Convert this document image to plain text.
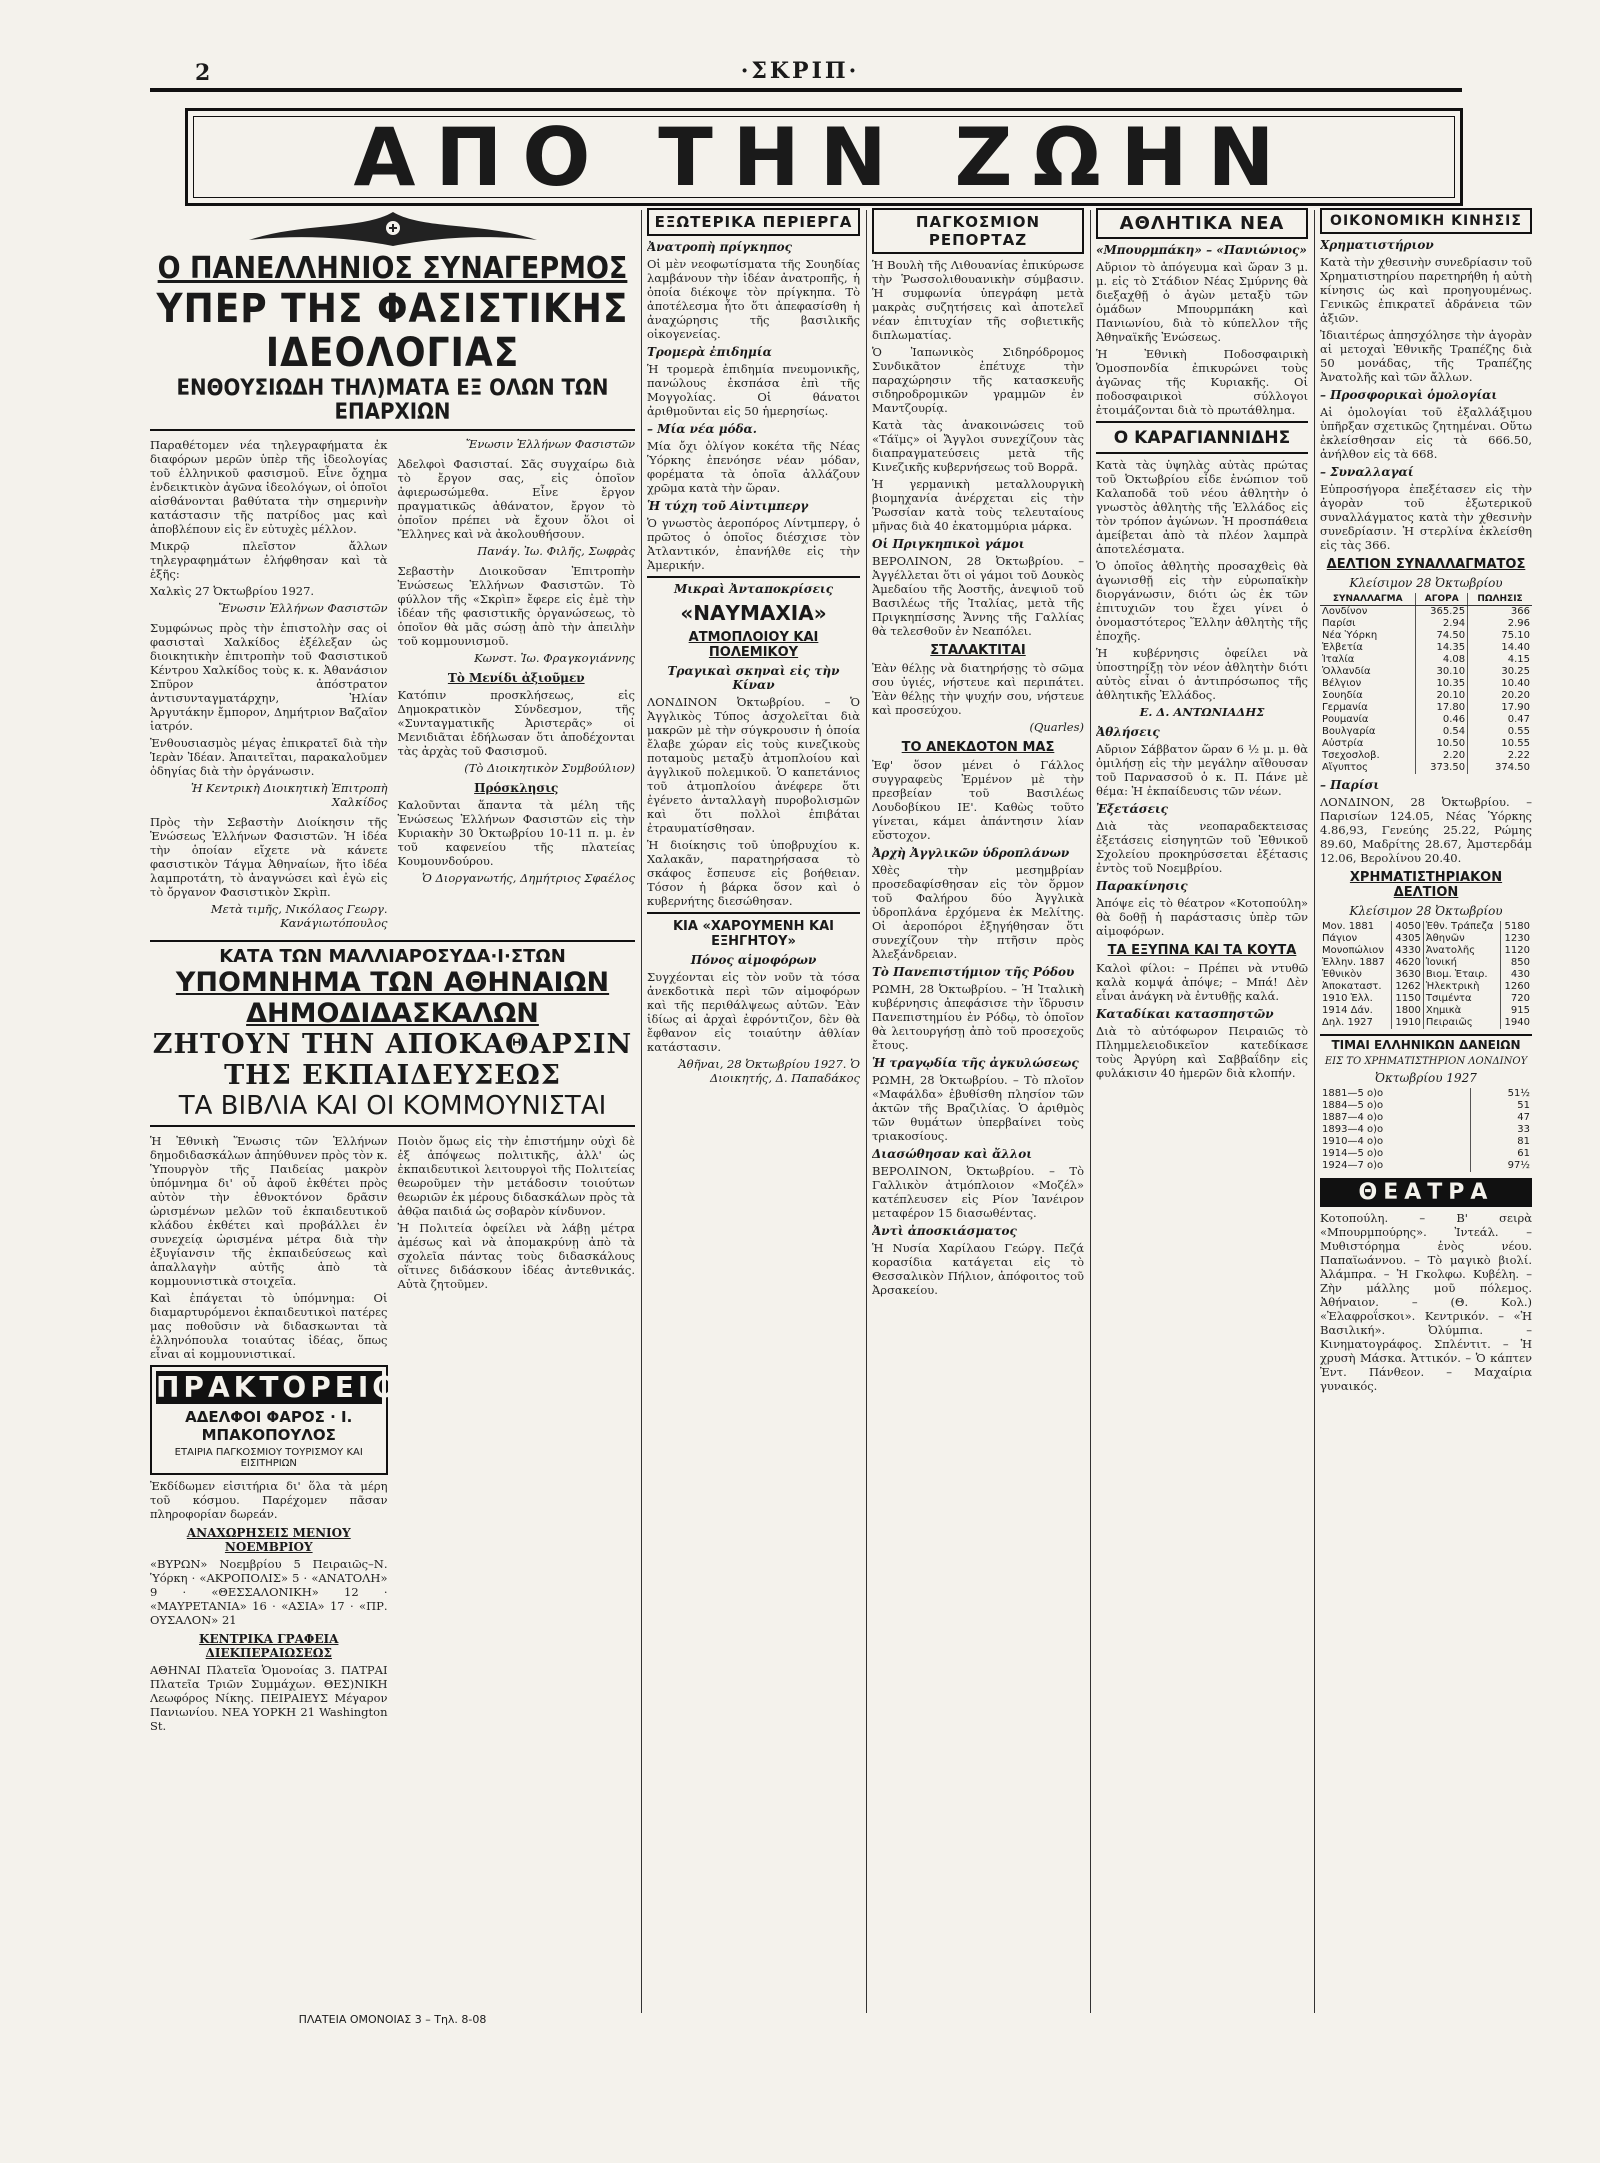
2	·ΣΚΡΙΠ·
ΑΠΟ ΤΗΝ ΖΩΗΝ
Ο ΠΑΝΕΛΛΗΝΙΟΣ ΣΥΝΑΓΕΡΜΟΣ
ΥΠΕΡ ΤΗΣ ΦΑΣΙΣΤΙΚΗΣ ΙΔΕΟΛΟΓΙΑΣ
ΕΝΘΟΥΣΙΩΔΗ ΤΗΛ)ΜΑΤΑ ΕΞ ΟΛΩΝ ΤΩΝ ΕΠΑΡΧΙΩΝ

Παραθέτομεν νέα τηλεγραφήματα ἐκ διαφόρων μερῶν ὑπὲρ τῆς ἰδεολογίας τοῦ ἑλληνικοῦ φασισμοῦ. Εἶνε ὄχημα ἐνδεικτικὸν ἀγῶνα ἰδεολόγων, οἱ ὁποῖοι αἰσθάνονται βαθύτατα τὴν σημερινὴν κατάστασιν τῆς πατρίδος μας καὶ ἀποβλέπουν εἰς ἓν εὐτυχὲς μέλλον.

Μικρῷ πλεῖστον ἄλλων τηλεγραφημάτων ἐλήφθησαν καὶ τὰ ἑξῆς:

Χαλκὶς 27 Ὀκτωβρίου 1927.

Ἔνωσιν Ἑλλήνων Φασιστῶν

Συμφώνως πρὸς τὴν ἐπιστολὴν σας οἱ φασισταὶ Χαλκίδος ἐξέλεξαν ὡς διοικητικὴν ἐπιτροπὴν τοῦ Φασιστικοῦ Κέντρου Χαλκίδος τοὺς κ. κ. Ἀθανάσιον Σπῦρον ἀπόστρατον ἀντισυνταγματάρχην, Ἠλίαν Ἀργυτάκην ἔμπορον, Δημήτριον Βαζαῖον ἰατρόν.

Ἐνθουσιασμὸς μέγας ἐπικρατεῖ διὰ τὴν Ἱερὰν Ἰδέαν. Ἀπαιτεῖται, παρακαλοῦμεν ὁδηγίας διὰ τὴν ὀργάνωσιν.

Ἡ Κεντρικὴ Διοικητικὴ Ἐπιτροπὴ Χαλκίδος

Πρὸς τὴν Σεβαστὴν Διοίκησιν τῆς Ἑνώσεως Ἑλλήνων Φασιστῶν. Ἡ ἰδέα τὴν ὁποίαν εἴχετε νὰ κάνετε φασιστικὸν Τάγμα Ἀθηναίων, ἥτο ἰδέα λαμπροτάτη, τὸ ἀναγνώσει καὶ ἐγὼ εἰς τὸ ὄργανον Φασιστικὸν Σκρὶπ.

Μετὰ τιμῆς, Νικόλαος Γεωργ. Κανάγιωτόπουλος

Ἔνωσιν Ἑλλήνων Φασιστῶν

Ἀδελφοὶ Φασισταί. Σᾶς συγχαίρω διὰ τὸ ἔργον σας, εἰς ὁποῖον ἀφιερωσώμεθα. Εἶνε ἔργον πραγματικῶς ἀθάνατον, ἔργον τὸ ὁποῖον πρέπει νὰ ἔχουν ὅλοι οἱ Ἕλληνες καὶ νὰ ἀκολουθήσουν.

Πανάγ. Ἰω. Φιλῆς, Σωφρὰς

Σεβαστὴν Διοικοῦσαν Ἐπιτροπὴν Ἑνώσεως Ἑλλήνων Φασιστῶν. Τὸ φύλλον τῆς «Σκρὶπ» ἔφερε εἰς ἐμὲ τὴν ἰδέαν τῆς φασιστικῆς ὀργανώσεως, τὸ ὁποῖον θὰ μᾶς σώσῃ ἀπὸ τὴν ἀπειλὴν τοῦ κομμουνισμοῦ.

Κωνστ. Ἰω. Φραγκογιάννης

Τὸ Μενίδι ἀξιοῦμεν

Κατόπιν προσκλήσεως, εἰς Δημοκρατικὸν Σύνδεσμον, τῆς «Συνταγματικῆς Ἀριστερᾶς» οἱ Μενιδιᾶται ἐδήλωσαν ὅτι ἀποδέχονται τὰς ἀρχὰς τοῦ Φασισμοῦ.

(Τὸ Διοικητικὸν Συμβούλιον)

Πρόσκλησις

Καλοῦνται ἅπαντα τὰ μέλη τῆς Ἑνώσεως Ἑλλήνων Φασιστῶν εἰς τὴν Κυριακὴν 30 Ὀκτωβρίου 10-11 π. μ. ἐν τοῦ καφενείου τῆς πλατείας Κουμουνδούρου.

Ὁ Διοργανωτής, Δημήτριος Σφαέλος

ΚΑΤΑ ΤΩΝ ΜΑΛΛΙΑΡΟΣΥΔΑ·Ι·ΣΤΩΝ
ΥΠΟΜΝΗΜΑ ΤΩΝ ΑΘΗΝΑΙΩΝ ΔΗΜΟΔΙΔΑΣΚΑΛΩΝ
ΖΗΤΟΥΝ ΤΗΝ ΑΠΟΚΑΘΑΡΣΙΝ ΤΗΣ ΕΚΠΑΙΔΕΥΣΕΩΣ
ΤΑ ΒΙΒΛΙΑ ΚΑΙ ΟΙ ΚΟΜΜΟΥΝΙΣΤΑΙ

Ἡ Ἐθνικὴ Ἕνωσις τῶν Ἑλλήνων δημοδιδασκάλων ἀπηύθυνεν πρὸς τὸν κ. Ὑπουργὸν τῆς Παιδείας μακρὸν ὑπόμνημα δι' οὗ ἀφοῦ ἐκθέτει πρὸς αὐτὸν τὴν ἐθνοκτόνον δρᾶσιν ὡρισμένων μελῶν τοῦ ἐκπαιδευτικοῦ κλάδου ἐκθέτει καὶ προβάλλει ἐν συνεχείᾳ ὡρισμένα μέτρα διὰ τὴν ἐξυγίανσιν τῆς ἐκπαιδεύσεως καὶ ἀπαλλαγὴν αὐτῆς ἀπὸ τὰ κομμουνιστικὰ στοιχεῖα.

Καὶ ἐπάγεται τὸ ὑπόμνημα: Οἱ διαμαρτυρόμενοι ἐκπαιδευτικοὶ πατέρες μας ποθοῦσιν νὰ διδασκωνται τὰ ἑλληνόπουλα τοιαύτας ἰδέας, ὅπως εἶναι αἱ κομμουνιστικαί.

ΠΡΑΚΤΟΡΕΙΟΝ
ΑΔΕΛΦΟΙ ΦΑΡΟΣ · Ι. ΜΠΑΚΟΠΟΥΛΟΣ
ΕΤΑΙΡΙΑ ΠΑΓΚΟΣΜΙΟΥ ΤΟΥΡΙΣΜΟΥ ΚΑΙ ΕΙΣΙΤΗΡΙΩΝ

Ἐκδίδωμεν εἰσιτήρια δι' ὅλα τὰ μέρη τοῦ κόσμου. Παρέχομεν πᾶσαν πληροφορίαν δωρεάν.

ΑΝΑΧΩΡΗΣΕΙΣ ΜΕΝΙΟΥ ΝΟΕΜΒΡΙΟΥ

«ΒΥΡΩΝ» Νοεμβρίου 5 Πειραιῶς–Ν. Ὑόρκη · «ΑΚΡΟΠΟΛΙΣ» 5 · «ΑΝΑΤΟΛΗ» 9 · «ΘΕΣΣΑΛΟΝΙΚΗ» 12 · «ΜΑΥΡΕΤΑΝΙΑ» 16 · «ΑΣΙΑ» 17 · «ΠΡ. ΟΥΣΑΛΟΝ» 21

ΚΕΝΤΡΙΚΑ ΓΡΑΦΕΙΑ ΔΙΕΚΠΕΡΑΙΩΣΕΩΣ

ΑΘΗΝΑΙ Πλατεῖα Ὁμονοίας 3. ΠΑΤΡΑΙ Πλατεῖα Τριῶν Συμμάχων. ΘΕΣ)ΝΙΚΗ Λεωφόρος Νίκης. ΠΕΙΡΑΙΕΥΣ Μέγαρον Πανιωνίου. ΝΕΑ ΥΟΡΚΗ 21 Washington St.

Ποιὸν ὅμως εἰς τὴν ἐπιστήμην οὐχὶ δὲ ἐξ ἀπόψεως πολιτικῆς, ἀλλ' ὡς ἐκπαιδευτικοὶ λειτουργοὶ τῆς Πολιτείας θεωροῦμεν τὴν μετάδοσιν τοιούτων θεωριῶν ἐκ μέρους διδασκάλων πρὸς τὰ ἀθῷα παιδιά ὡς σοβαρὸν κίνδυνον.

Ἡ Πολιτεία ὀφείλει νὰ λάβῃ μέτρα ἀμέσως καὶ νὰ ἀπομακρύνῃ ἀπὸ τὰ σχολεῖα πάντας τοὺς διδασκάλους οἵτινες διδάσκουν ἰδέας ἀντεθνικάς. Αὐτὰ ζητοῦμεν.

ΕΞΩΤΕΡΙΚΑ ΠΕΡΙΕΡΓΑ
Ἀνατροπὴ πρίγκηπος

Οἱ μὲν νεοφωτίσματα τῆς Σουηδίας λαμβάνουν τὴν ἰδέαν ἀνατροπῆς, ἡ ὁποία διέκοψε τὸν πρίγκηπα. Τὸ ἀποτέλεσμα ἦτο ὅτι ἀπεφασίσθη ἡ ἀναχώρησις τῆς βασιλικῆς οἰκογενείας.

Τρομερὰ ἐπιδημία

Ἡ τρομερὰ ἐπιδημία πνευμονικῆς, πανώλους ἐκσπάσα ἐπὶ τῆς Μογγολίας. Οἱ θάνατοι ἀριθμοῦνται εἰς 50 ἡμερησίως.

– Μία νέα μόδα.

Μία ὄχι ὀλίγον κοκέτα τῆς Νέας Ὑόρκης ἐπενόησε νέαν μόδαν, φορέματα τὰ ὁποῖα ἀλλάζουν χρῶμα κατὰ τὴν ὥραν.

Ἡ τύχη τοῦ Αἰντιμπεργ

Ὁ γνωστὸς ἀεροπόρος Λίντμπεργ, ὁ πρῶτος ὁ ὁποῖος διέσχισε τὸν Ἀτλαντικόν, ἐπανήλθε εἰς τὴν Ἀμερικήν.

Μικραὶ Ἀνταποκρίσεις
«ΝΑΥΜΑΧΙΑ»
ΑΤΜΟΠΛΟΙΟΥ ΚΑΙ ΠΟΛΕΜΙΚΟΥ
Τραγικαὶ σκηναὶ εἰς τὴν Κίναν

ΛΟΝΔΙΝΟΝ Ὀκτωβρίου. – Ὁ Ἀγγλικὸς Τύπος ἀσχολεῖται διὰ μακρῶν μὲ τὴν σύγκρουσιν ἡ ὁποία ἔλαβε χώραν εἰς τοὺς κινεζικοὺς ποταμοὺς μεταξὺ ἀτμοπλοίου καὶ ἀγγλικοῦ πολεμικοῦ. Ὁ καπετάνιος τοῦ ἀτμοπλοίου ἀνέφερε ὅτι ἐγένετο ἀνταλλαγὴ πυροβολισμῶν καὶ ὅτι πολλοὶ ἐπιβάται ἐτραυματίσθησαν.

Ἡ διοίκησις τοῦ ὑποβρυχίου κ. Χαλακᾶν, παρατηρήσασα τὸ σκάφος ἔσπευσε εἰς βοήθειαν. Τόσον ἡ βάρκα ὅσον καὶ ὁ κυβερνήτης διεσώθησαν.

ΚΙΑ «ΧΑΡΟΥΜΕΝΗ ΚΑΙ ΕΞΗΓΗΤΟΥ»
Πόνος αἱμοφόρων

Συγχέονται εἰς τὸν νοῦν τὰ τόσα ἀνεκδοτικὰ περὶ τῶν αἱμοφόρων καὶ τῆς περιθάλψεως αὐτῶν. Ἐὰν ἰδίως αἱ ἀρχαὶ ἐφρόντιζον, δὲν θὰ ἔφθανον εἰς τοιαύτην ἀθλίαν κατάστασιν.

Ἀθῆναι, 28 Ὀκτωβρίου 1927. Ὁ Διοικητής, Δ. Παπαδάκος

ΠΑΓΚΟΣΜΙΟΝ ΡΕΠΟΡΤΑΖ

Ἡ Βουλὴ τῆς Λιθουανίας ἐπικύρωσε τὴν Ῥωσσολιθουανικὴν σύμβασιν. Ἡ συμφωνία ὑπεγράφη μετὰ μακρὰς συζητήσεις καὶ ἀποτελεῖ νέαν ἐπιτυχίαν τῆς σοβιετικῆς διπλωματίας.

Ὁ Ἰαπωνικὸς Σιδηρόδρομος Συνδικᾶτον ἐπέτυχε τὴν παραχώρησιν τῆς κατασκευῆς σιδηροδρομικῶν γραμμῶν ἐν Μαντζουρίᾳ.

Κατὰ τὰς ἀνακοινώσεις τοῦ «Τάϊμς» οἱ Ἄγγλοι συνεχίζουν τὰς διαπραγματεύσεις μετὰ τῆς Κινεζικῆς κυβερνήσεως τοῦ Βορρᾶ.

Ἡ γερμανικὴ μεταλλουργικὴ βιομηχανία ἀνέρχεται εἰς τὴν Ῥωσσίαν κατὰ τοὺς τελευταίους μῆνας διὰ 40 ἑκατομμύρια μάρκα.

Οἱ Πριγκηπικοὶ γάμοι

ΒΕΡΟΛΙΝΟΝ, 28 Ὀκτωβρίου. – Ἀγγέλλεται ὅτι οἱ γάμοι τοῦ Δουκὸς Ἀμεδαίου τῆς Ἀοστῆς, ἀνεψιοῦ τοῦ Βασιλέως τῆς Ἰταλίας, μετὰ τῆς Πριγκηπίσσης Ἄννης τῆς Γαλλίας θὰ τελεσθοῦν ἐν Νεαπόλει.

ΣΤΑΛΑΚΤΙΤΑΙ

Ἐὰν θέλῃς νὰ διατηρήσῃς τὸ σῶμα σου ὑγιές, νήστευε καὶ περιπάτει. Ἐὰν θέλῃς τὴν ψυχήν σου, νήστευε καὶ προσεύχου.

(Quarles)

ΤΟ ΑΝΕΚΔΟΤΟΝ ΜΑΣ

Ἐφ' ὅσον μένει ὁ Γάλλος συγγραφεὺς Ἑρμένον μὲ τὴν πρεσβείαν τοῦ Βασιλέως Λουδοβίκου ΙΕ'. Καθὼς τοῦτο γίνεται, κάμει ἀπάντησιν λίαν εὔστοχον.

Ἀρχὴ Ἀγγλικῶν ὑδροπλάνων

Χθὲς τὴν μεσημβρίαν προσεδαφίσθησαν εἰς τὸν ὅρμον τοῦ Φαλήρου δύο Ἀγγλικὰ ὑδροπλάνα ἐρχόμενα ἐκ Μελίτης. Οἱ ἀεροπόροι ἐξηγήθησαν ὅτι συνεχίζουν τὴν πτῆσιν πρὸς Ἀλεξάνδρειαν.

Τὸ Πανεπιστήμιον τῆς Ρόδου

ΡΩΜΗ, 28 Ὀκτωβρίου. – Ἡ Ἰταλικὴ κυβέρνησις ἀπεφάσισε τὴν ἵδρυσιν Πανεπιστημίου ἐν Ρόδῳ, τὸ ὁποῖον θὰ λειτουργήσῃ ἀπὸ τοῦ προσεχοῦς ἔτους.

Ἡ τραγῳδία τῆς ἀγκυλώσεως

ΡΩΜΗ, 28 Ὀκτωβρίου. – Τὸ πλοῖον «Μαφάλδα» ἐβυθίσθη πλησίον τῶν ἀκτῶν τῆς Βραζιλίας. Ὁ ἀριθμὸς τῶν θυμάτων ὑπερβαίνει τοὺς τριακοσίους.

Διασώθησαν καὶ ἄλλοι

ΒΕΡΟΛΙΝΟΝ, Ὀκτωβρίου. – Τὸ Γαλλικὸν ἀτμόπλοιον «Μοζέλ» κατέπλευσεν εἰς Ρίον Ἰανέιρον μεταφέρον 15 διασωθέντας.

Ἀντὶ ἀποσκιάσματος

Ἡ Νυσία Χαρίλαου Γεώργ. Πεζά κορασίδια κατάγεται εἰς τὸ Θεσσαλικὸν Πήλιον, ἀπόφοιτος τοῦ Ἀρσακείου.

ΑΘΛΗΤΙΚΑ ΝΕΑ
«Μπουρμπάκη» – «Πανιώνιος»

Αὔριον τὸ ἀπόγευμα καὶ ὥραν 3 μ. μ. εἰς τὸ Στάδιον Νέας Σμύρνης θὰ διεξαχθῇ ὁ ἀγὼν μεταξὺ τῶν ὁμάδων Μπουρμπάκη καὶ Πανιωνίου, διὰ τὸ κύπελλον τῆς Ἀθηναϊκῆς Ἐνώσεως.

Ἡ Ἐθνικὴ Ποδοσφαιρικὴ Ὁμοσπονδία ἐπικυρώνει τοὺς ἀγῶνας τῆς Κυριακῆς. Οἱ ποδοσφαιρικοὶ σύλλογοι ἐτοιμάζονται διὰ τὸ πρωτάθλημα.

Ο ΚΑΡΑΓΙΑΝΝΙΔΗΣ

Κατὰ τὰς ὑψηλὰς αὐτὰς πρώτας τοῦ Ὀκτωβρίου εἶδε ἐνώπιον τοῦ Καλαποδᾶ τοῦ νέου ἀθλητὴν ὁ γνωστὸς ἀθλητὴς τῆς Ἑλλάδος εἰς τὸν τρόπον ἀγώνων. Ἡ προσπάθεια ἀμείβεται ἀπὸ τὰ πλέον λαμπρὰ ἀποτελέσματα.

Ὁ ὁποῖος ἀθλητὴς προσαχθεὶς θὰ ἀγωνισθῇ εἰς τὴν εὐρωπαϊκὴν διοργάνωσιν, διότι ὡς ἐκ τῶν ἐπιτυχιῶν του ἔχει γίνει ὁ ὀνομαστότερος Ἕλλην ἀθλητὴς τῆς ἐποχῆς.

Ἡ κυβέρνησις ὀφείλει νὰ ὑποστηρίξῃ τὸν νέον ἀθλητὴν διότι αὐτὸς εἶναι ὁ ἀντιπρόσωπος τῆς ἀθλητικῆς Ἑλλάδος.

Ε. Δ. ΑΝΤΩΝΙΑΔΗΣ

Ἀθλήσεις

Αὔριον Σάββατον ὥραν 6 ½ μ. μ. θὰ ὁμιλήσῃ εἰς τὴν μεγάλην αἴθουσαν τοῦ Παρνασσοῦ ὁ κ. Π. Πάνε μὲ θέμα: Ἡ ἐκπαίδευσις τῶν νέων.

Ἐξετάσεις

Διὰ τὰς νεοπαραδεκτεισας ἐξετάσεις εἰσηγητῶν τοῦ Ἐθνικοῦ Σχολείου προκηρύσσεται ἐξέτασις ἐντὸς τοῦ Νοεμβρίου.

Παρακίνησις

Ἀπόψε εἰς τὸ θέατρον «Κοτοπούλη» θὰ δοθῇ ἡ παράστασις ὑπὲρ τῶν αἱμοφόρων.

ΤΑ ΕΞΥΠΝΑ ΚΑΙ ΤΑ ΚΟΥΤΑ

Καλοὶ φίλοι: – Πρέπει νὰ ντυθῶ καλὰ κομψά ἀπόψε; – Μπά! Δὲν εἶναι ἀνάγκη νὰ ἐντυθῇς καλά.

Καταδίκαι κατασπηστῶν

Διὰ τὸ αὐτόφωρον Πειραιῶς τὸ Πλημμελειοδικεῖον κατεδίκασε τοὺς Ἀργύρη καὶ Σαββαΐδην εἰς φυλάκισιν 40 ἡμερῶν διὰ κλοπήν.

ΟΙΚΟΝΟΜΙΚΗ ΚΙΝΗΣΙΣ
Χρηματιστήριον

Κατὰ τὴν χθεσινὴν συνεδρίασιν τοῦ Χρηματιστηρίου παρετηρήθη ἡ αὐτὴ κίνησις ὡς καὶ προηγουμένως. Γενικῶς ἐπικρατεῖ ἀδράνεια τῶν ἀξιῶν.

Ἰδιαιτέρως ἀπησχόλησε τὴν ἀγορὰν αἱ μετοχαὶ Ἐθνικῆς Τραπέζης διὰ 50 μονάδας, τῆς Τραπέζης Ἀνατολῆς καὶ τῶν ἄλλων.

– Προσφορικαὶ ὁμολογίαι

Αἱ ὁμολογίαι τοῦ ἐξαλλάξιμου ὑπῆρξαν σχετικῶς ζητημέναι. Οὕτω ἐκλείσθησαν εἰς τὰ 666.50, ἀνήλθον εἰς τὰ 668.

– Συναλλαγαί

Εὐπροσήγορα ἐπεξέτασεν εἰς τὴν ἀγορὰν τοῦ ἐξωτερικοῦ συναλλάγματος κατὰ τὴν χθεσινὴν συνεδρίασιν. Ἡ στερλίνα ἐκλείσθη εἰς τὰς 366.

ΔΕΛΤΙΟΝ ΣΥΝΑΛΛΑΓΜΑΤΟΣ
Κλείσιμον 28 Ὀκτωβρίου
ΣΥΝΑΛΛΑΓΜΑ	ΑΓΟΡΑ	ΠΩΛΗΣΙΣ
Λονδίνον	365.25	366
Παρίσι	2.94	2.96
Νέα Ὑόρκη	74.50	75.10
Ἑλβετία	14.35	14.40
Ἰταλία	4.08	4.15
Ὁλλανδία	30.10	30.25
Βέλγιον	10.35	10.40
Σουηδία	20.10	20.20
Γερμανία	17.80	17.90
Ρουμανία	0.46	0.47
Βουλγαρία	0.54	0.55
Αὐστρία	10.50	10.55
Τσεχοσλοβ.	2.20	2.22
Αἴγυπτος	373.50	374.50
– Παρίσι

ΛΟΝΔΙΝΟΝ, 28 Ὀκτωβρίου. – Παρισίων 124.05, Νέας Ὑόρκης 4.86,93, Γενεύης 25.22, Ρώμης 89.60, Μαδρίτης 28.67, Ἀμστερδάμ 12.06, Βερολίνου 20.40.

ΧΡΗΜΑΤΙΣΤΗΡΙΑΚΟΝ ΔΕΛΤΙΟΝ
Κλείσιμον 28 Ὀκτωβρίου
Μον. 1881	4050	Ἐθν. Τράπεζα	5180
Πάγιον	4305	Ἀθηνῶν	1230
Μονοπώλιον	4330	Ἀνατολῆς	1120
Ἑλλην. 1887	4620	Ἰονική	850
Ἐθνικὸν	3630	Βιομ. Ἑταιρ.	430
Ἀποκαταστ.	1262	Ἠλεκτρικὴ	1260
1910 Ἑλλ.	1150	Τσιμέντα	720
1914 Δάν.	1800	Χημικὰ	915
Δηλ. 1927	1910	Πειραιῶς	1940
ΤΙΜΑΙ ΕΛΛΗΝΙΚΩΝ ΔΑΝΕΙΩΝ
ΕΙΣ ΤΟ ΧΡΗΜΑΤΙΣΤΗΡΙΟΝ ΛΟΝΔΙΝΟΥ
Ὀκτωβρίου 1927
1881—5 ο)ο	51½
1884—5 ο)ο	51
1887—4 ο)ο	47
1893—4 ο)ο	33
1910—4 ο)ο	81
1914—5 ο)ο	61
1924—7 ο)ο	97½
ΘΕΑΤΡΑ

Κοτοπούλη. – Β' σειρὰ «Μπουρμπούρης». Ἰντεάλ. – Μυθιστόρημα ἑνὸς νέου. Παπαϊωάννου. – Τὸ μαγικὸ βιολί. Ἀλάμπρα. – Ἡ Γκολφω. Κυβέλη. – Ζὴν μάλλης μοῦ πόλεμος. Ἀθήναιον. – (Θ. Κολ.) «Ἐλαφροΐσκοι». Κεντρικόν. – «Ἡ Βασιλική». Ὀλύμπια. – Κινηματογράφος. Σπλέντιτ. – Ἡ χρυσὴ Μάσκα. Ἀττικόν. – Ὁ κάπτεν Ἐντ. Πάνθεον. – Μαχαίρια γυναικός.

ΠΛΑΤΕΙΑ ΟΜΟΝΟΙΑΣ 3 – Τηλ. 8-08
